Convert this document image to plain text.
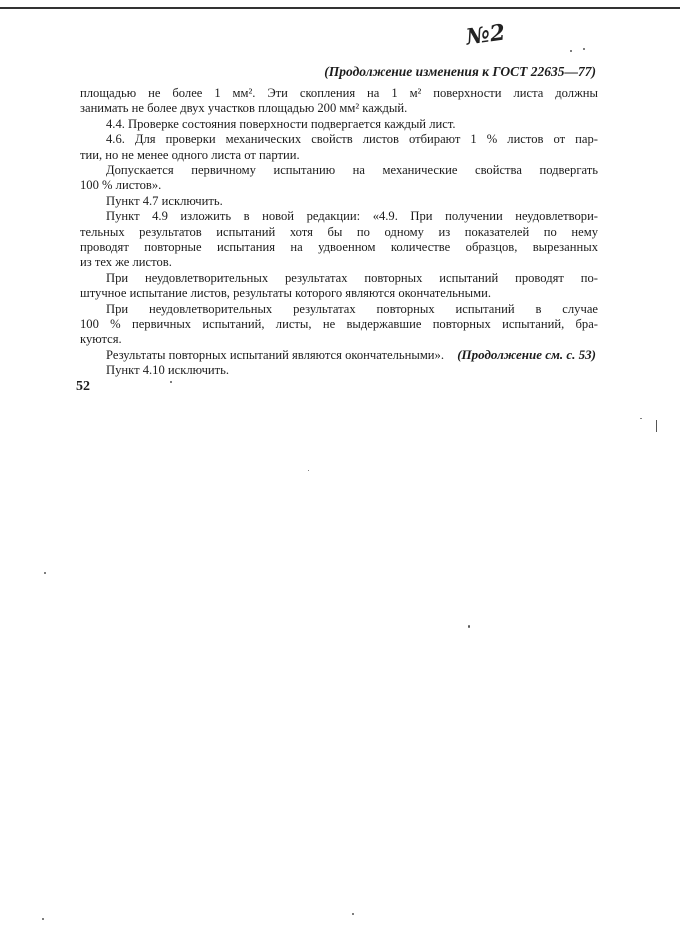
№2
(Продолжение изменения к ГОСТ 22635—77)
площадью не более 1 мм². Эти скопления на 1 м² поверхности листа должны
занимать не более двух участков площадью 200 мм² каждый.
4.4. Проверке состояния поверхности подвергается каждый лист.
4.6. Для проверки механических свойств листов отбирают 1 % листов от пар-
тии, но не менее одного листа от партии.
Допускается первичному испытанию на механические свойства подвергать
100 % листов».
Пункт 4.7 исключить.
Пункт 4.9 изложить в новой редакции: «4.9. При получении неудовлетвори-
тельных результатов испытаний хотя бы по одному из показателей по нему
проводят повторные испытания на удвоенном количестве образцов, вырезанных
из тех же листов.
При неудовлетворительных результатах повторных испытаний проводят по-
штучное испытание листов, результаты которого являются окончательными.
При неудовлетворительных результатах повторных испытаний в случае
100 % первичных испытаний, листы, не выдержавшие повторных испытаний, бра-
куются.
Результаты повторных испытаний являются окончательными».
Пункт 4.10 исключить.
(Продолжение см. с. 53)
52
